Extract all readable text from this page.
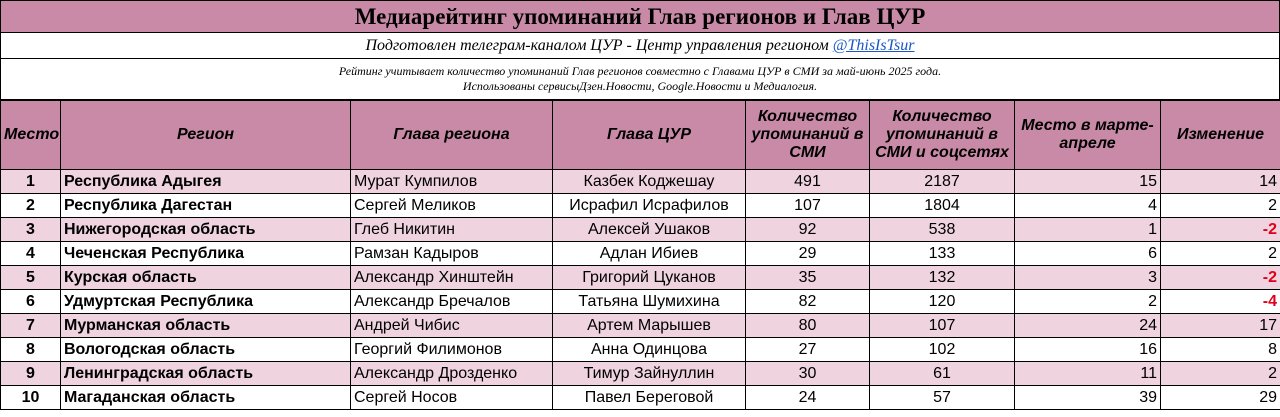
Медиарейтинг упоминаний Глав регионов и Глав ЦУР
Подготовлен телеграм-каналом ЦУР - Центр управления регионом @ThisIsTsur
Рейтинг учитывает количество упоминаний Глав регионов совместно с Главами ЦУР в СМИ за май-июнь 2025 года.
Использованы сервисыДзен.Новости, Google.Новости и Медиалогия.
Место	Регион	Глава региона	Глава ЦУР	Количество упоминаний в СМИ	Количество упоминаний в СМИ и соцсетях	Место в марте-апреле	Изменение
1	Республика Адыгея	Мурат Кумпилов	Казбек Коджешау	491	2187	15	14
2	Республика Дагестан	Сергей Меликов	Исрафил Исрафилов	107	1804	4	2
3	Нижегородская область	Глеб Никитин	Алексей Ушаков	92	538	1	-2
4	Чеченская Республика	Рамзан Кадыров	Адлан Ибиев	29	133	6	2
5	Курская область	Александр Хинштейн	Григорий Цуканов	35	132	3	-2
6	Удмуртская Республика	Александр Бречалов	Татьяна Шумихина	82	120	2	-4
7	Мурманская область	Андрей Чибис	Артем Марышев	80	107	24	17
8	Вологодская область	Георгий Филимонов	Анна Одинцова	27	102	16	8
9	Ленинградская область	Александр Дрозденко	Тимур Зайнуллин	30	61	11	2
10	Магаданская область	Сергей Носов	Павел Береговой	24	57	39	29
